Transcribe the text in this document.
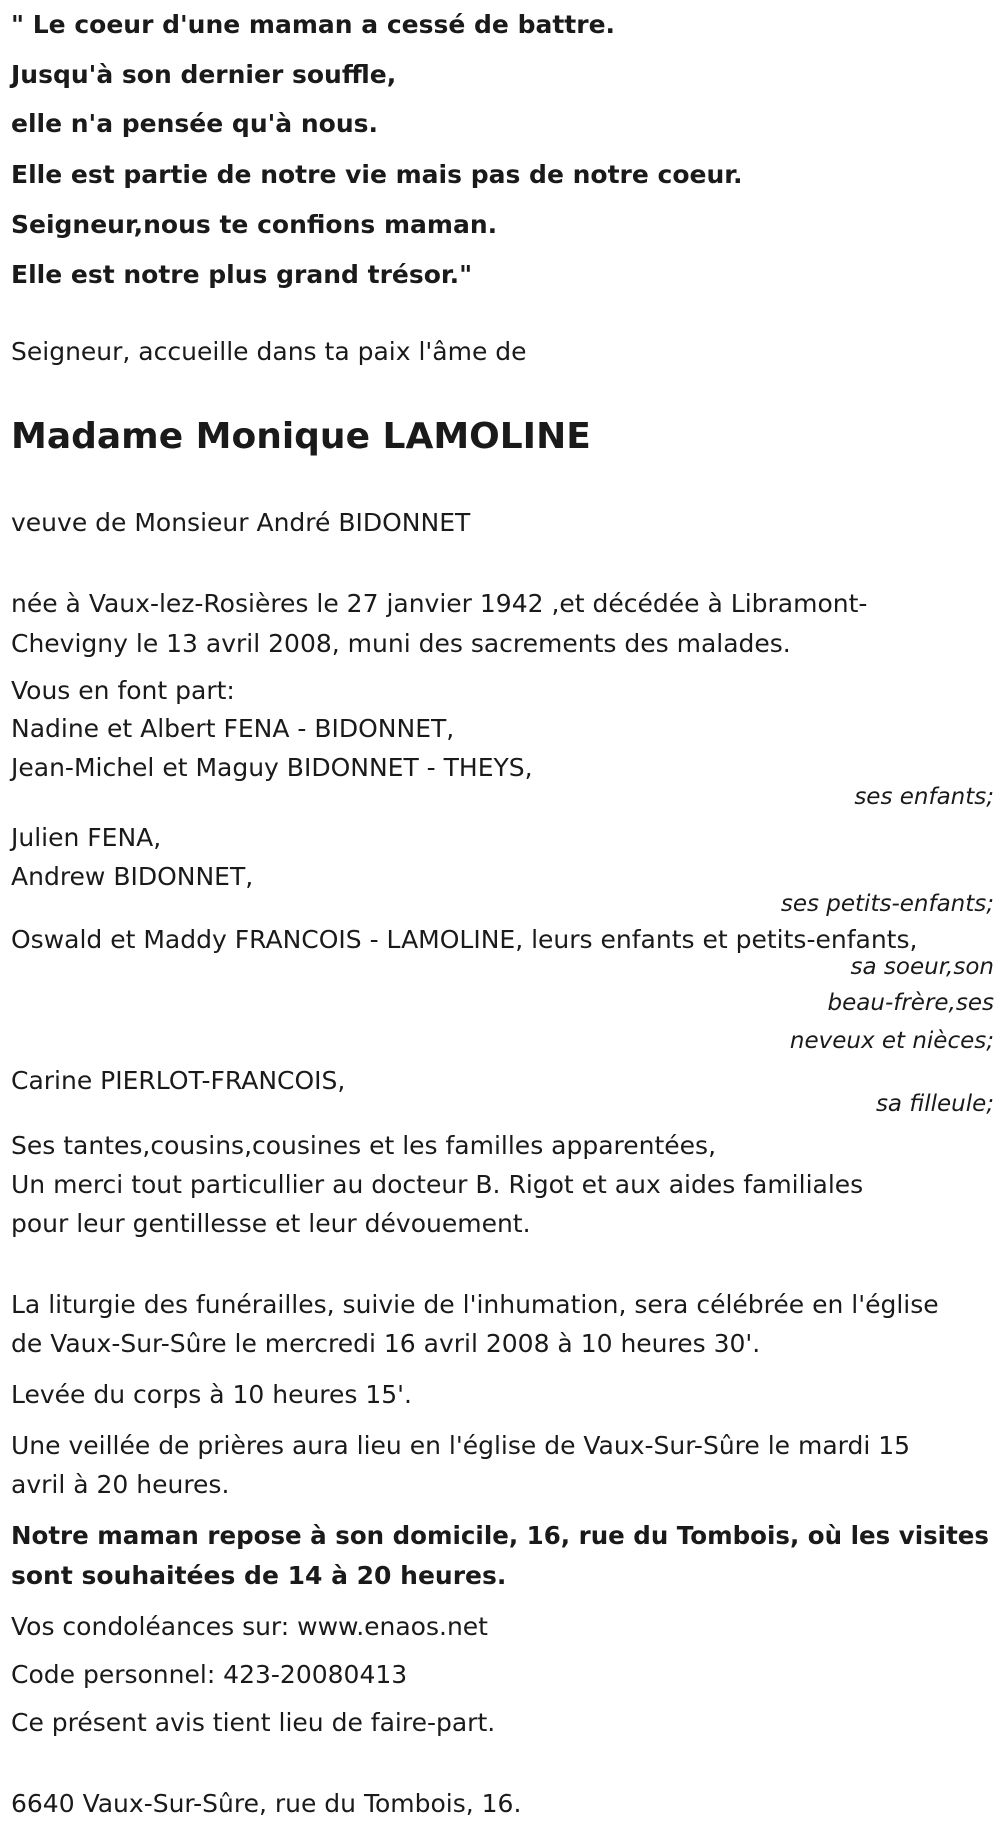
" Le coeur d'une maman a cessé de battre.
Jusqu'à son dernier souffle,
elle n'a pensée qu'à nous.
Elle est partie de notre vie mais pas de notre coeur.
Seigneur,nous te confions maman.
Elle est notre plus grand trésor."
Seigneur, accueille dans ta paix l'âme de
Madame Monique LAMOLINE
veuve de Monsieur André BIDONNET
née à Vaux-lez-Rosières le 27 janvier 1942 ,et décédée à Libramont-
Chevigny le 13 avril 2008, muni des sacrements des malades.
Vous en font part:
Nadine et Albert FENA - BIDONNET,
Jean-Michel et Maguy BIDONNET - THEYS,
ses enfants;
Julien FENA,
Andrew BIDONNET,
ses petits-enfants;
Oswald et Maddy FRANCOIS - LAMOLINE, leurs enfants et petits-enfants,
sa soeur,son
beau-frère,ses
neveux et nièces;
Carine PIERLOT-FRANCOIS,
sa filleule;
Ses tantes,cousins,cousines et les familles apparentées,
Un merci tout particullier au docteur B. Rigot et aux aides familiales
pour leur gentillesse et leur dévouement.
La liturgie des funérailles, suivie de l'inhumation, sera célébrée en l'église
de Vaux-Sur-Sûre le mercredi 16 avril 2008 à 10 heures 30'.
Levée du corps à 10 heures 15'.
Une veillée de prières aura lieu en l'église de Vaux-Sur-Sûre le mardi 15
avril à 20 heures.
Notre maman repose à son domicile, 16, rue du Tombois, où les visites
sont souhaitées de 14 à 20 heures.
Vos condoléances sur: www.enaos.net
Code personnel: 423-20080413
Ce présent avis tient lieu de faire-part.
6640 Vaux-Sur-Sûre, rue du Tombois, 16.
